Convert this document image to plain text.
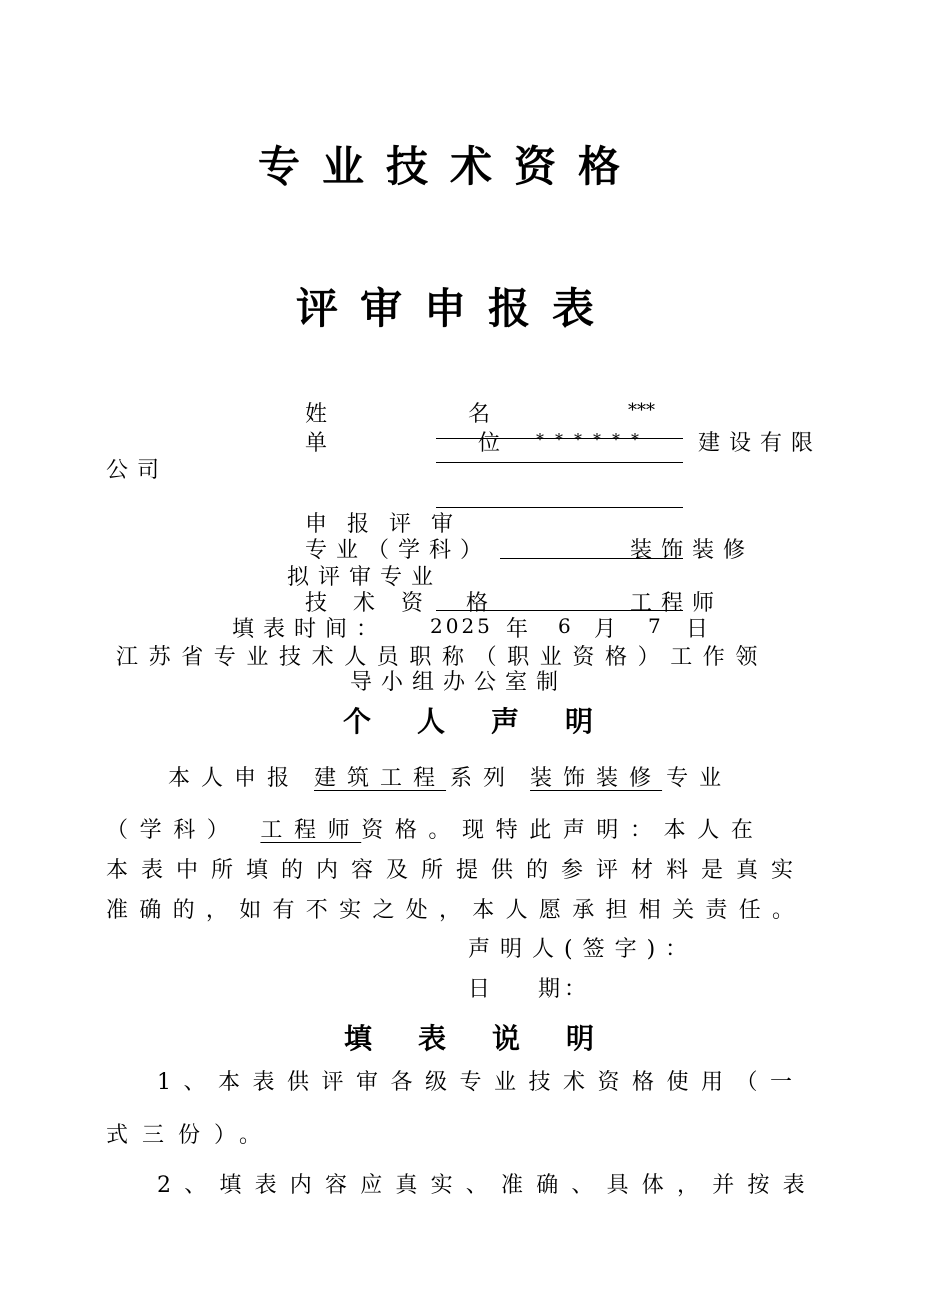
专业技术资格
评审申报表
姓	名	***
单	位 ****** 建设有限
公司
申报评审
专业（学科）	装饰装修
拟评审专业
技 术 资 格	工程师
填表时间： 2025 年 6 月 7 日
江苏省专业技术人员职称（职业资格）工作领
导小组办公室制
个人声明
本人申报 建筑工程 系列 装饰装修 专业
（学科） 工程师资格。现特此声明：本人在
本表中所填的内容及所提供的参评材料是真实
准确的，如有不实之处，本人愿承担相关责任。
声明人(签字)：
日    期：
填表说明
1、本表供评审各级专业技术资格使用（一
式三份）。
2、填表内容应真实、准确、具体，并按表
